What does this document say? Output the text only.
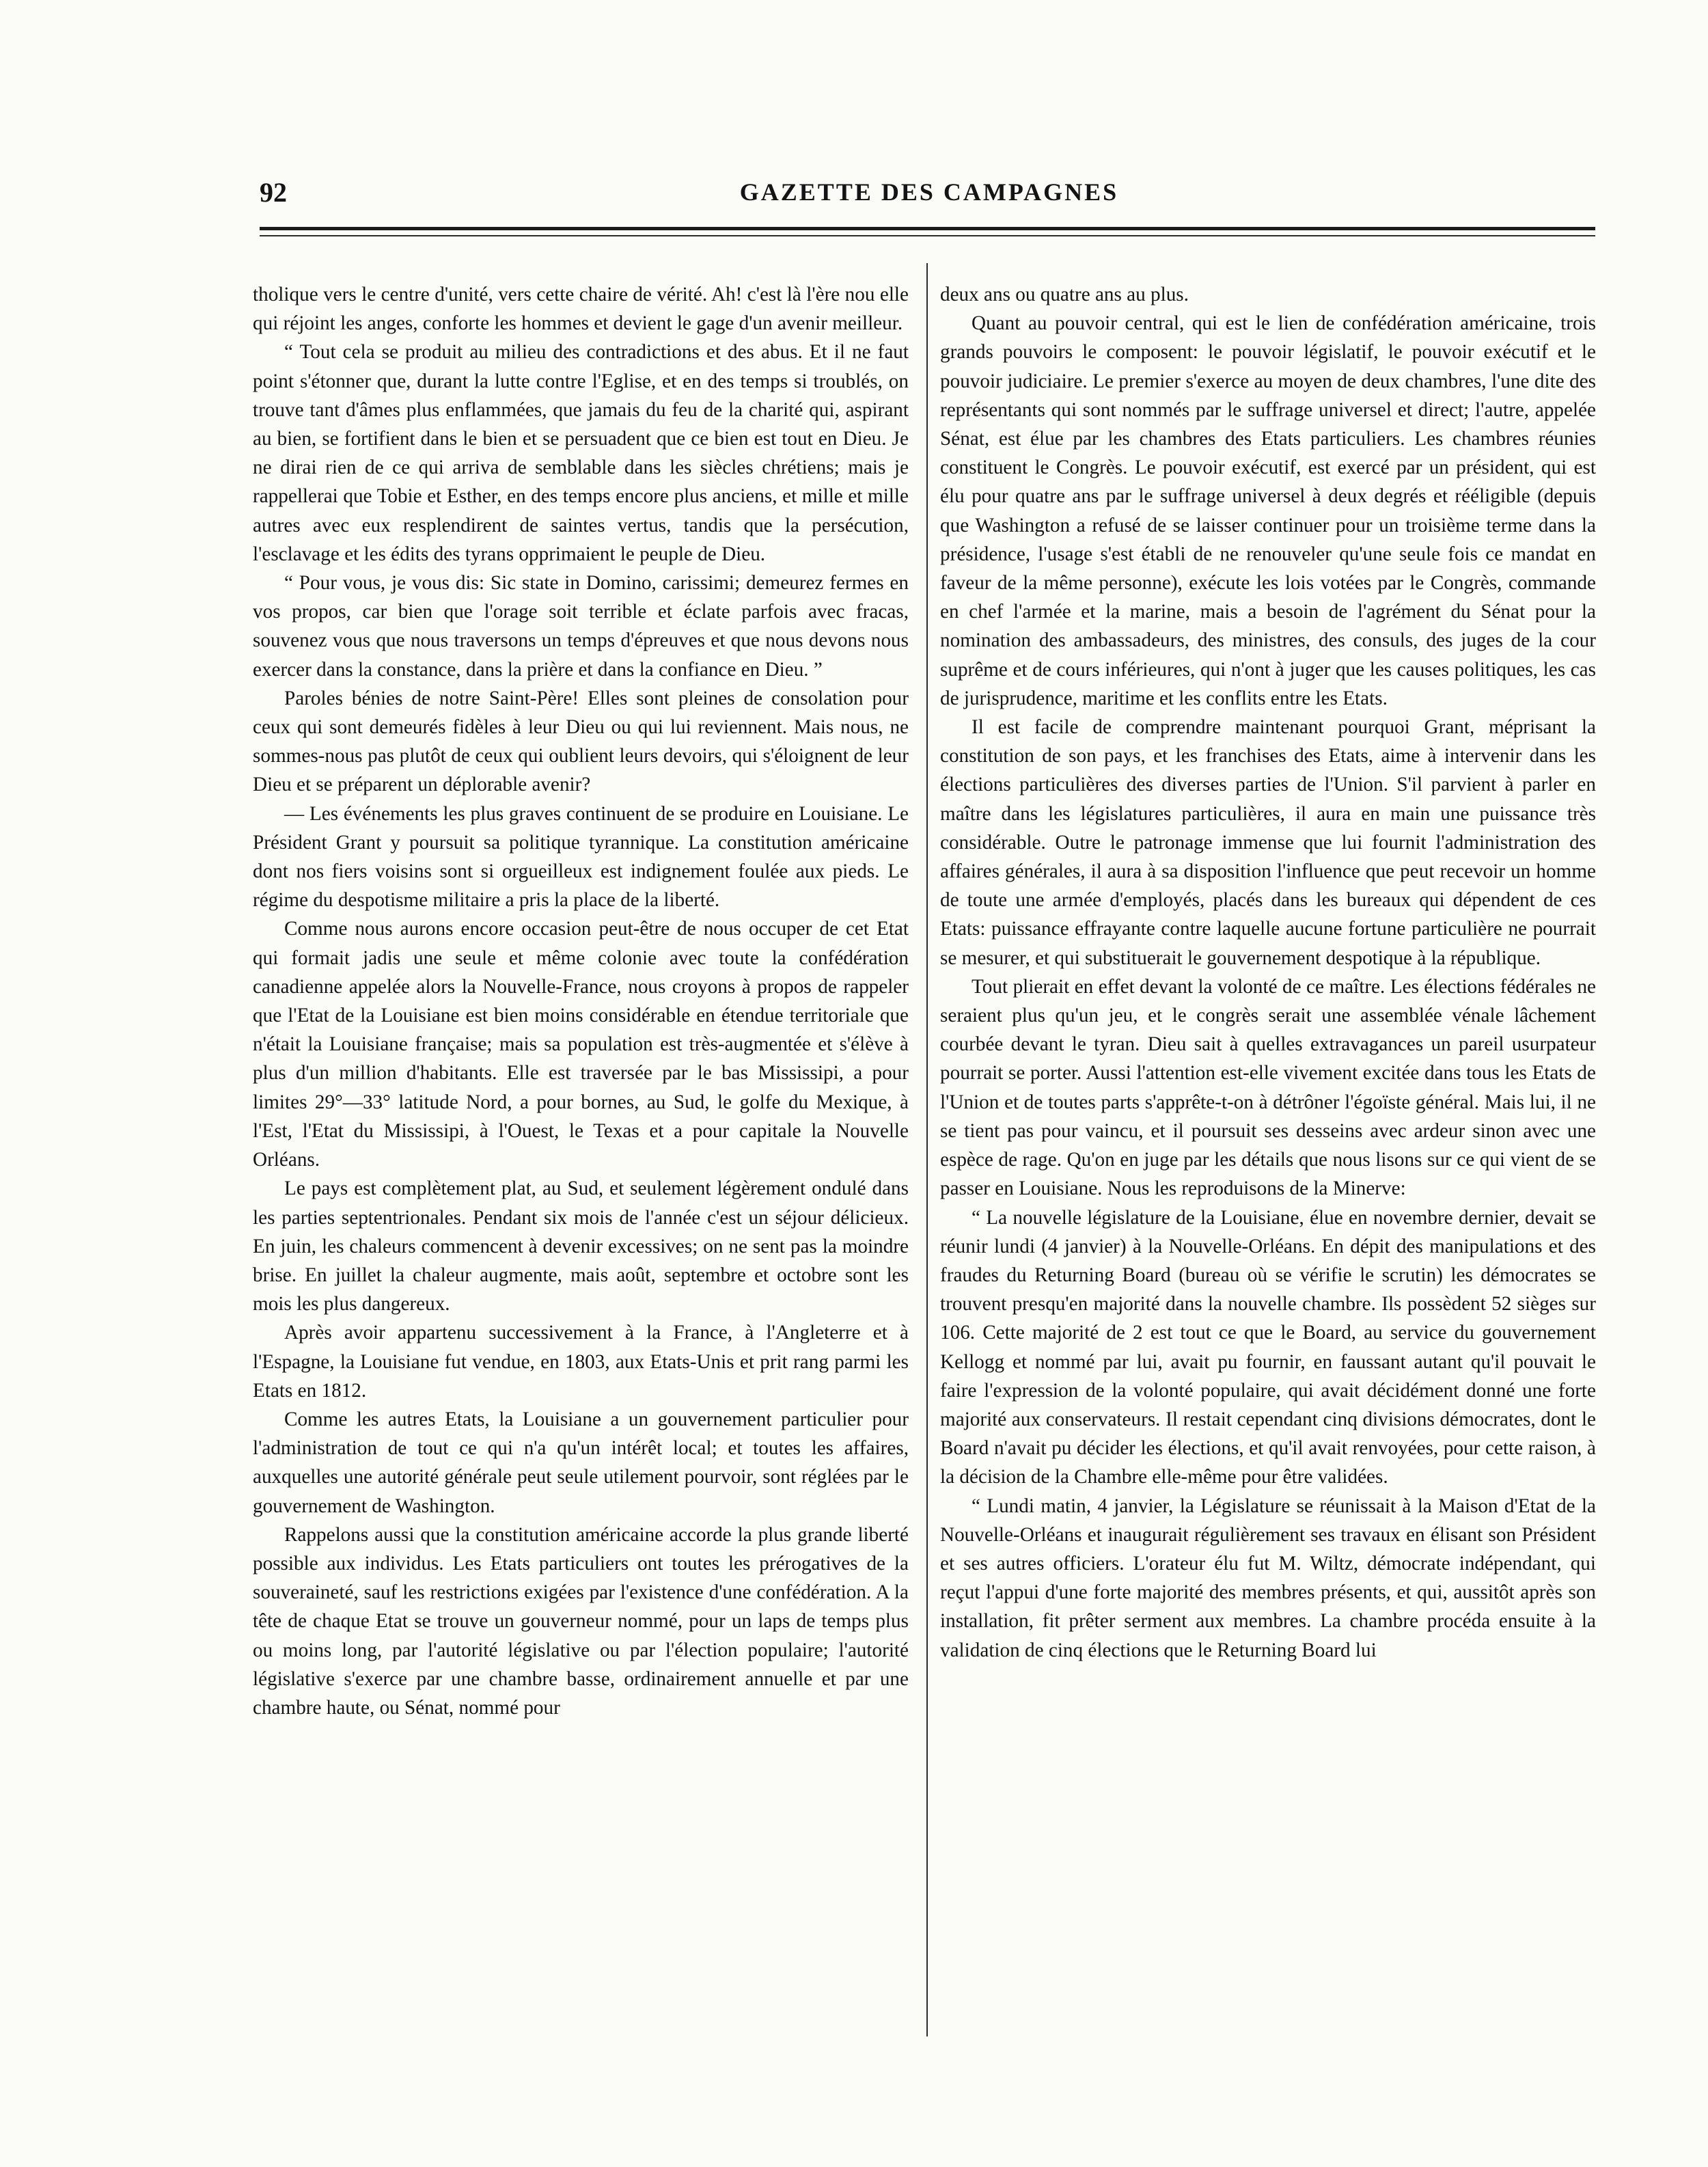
92	GAZETTE DES CAMPAGNES

tholique vers le centre d'unité, vers cette chaire de vérité. Ah! c'est là l'ère nou elle qui réjoint les anges, conforte les hommes et devient le gage d'un avenir meilleur.

“ Tout cela se produit au milieu des contradictions et des abus. Et il ne faut point s'étonner que, durant la lutte contre l'Eglise, et en des temps si troublés, on trouve tant d'âmes plus enflammées, que jamais du feu de la charité qui, aspirant au bien, se fortifient dans le bien et se persuadent que ce bien est tout en Dieu. Je ne dirai rien de ce qui arriva de semblable dans les siècles chrétiens; mais je rappellerai que Tobie et Esther, en des temps encore plus anciens, et mille et mille autres avec eux resplendirent de saintes vertus, tandis que la persécution, l'esclavage et les édits des tyrans opprimaient le peuple de Dieu.

“ Pour vous, je vous dis: Sic state in Domino, carissimi; demeurez fermes en vos propos, car bien que l'orage soit terrible et éclate parfois avec fracas, souvenez vous que nous traversons un temps d'épreuves et que nous devons nous exercer dans la constance, dans la prière et dans la confiance en Dieu. ”

Paroles bénies de notre Saint-Père! Elles sont pleines de consolation pour ceux qui sont demeurés fidèles à leur Dieu ou qui lui reviennent. Mais nous, ne sommes-nous pas plutôt de ceux qui oublient leurs devoirs, qui s'éloignent de leur Dieu et se préparent un déplorable avenir?

— Les événements les plus graves continuent de se produire en Louisiane. Le Président Grant y poursuit sa politique tyrannique. La constitution américaine dont nos fiers voisins sont si orgueilleux est indignement foulée aux pieds. Le régime du despotisme militaire a pris la place de la liberté.

Comme nous aurons encore occasion peut-être de nous occuper de cet Etat qui formait jadis une seule et même colonie avec toute la confédération canadienne appelée alors la Nouvelle-France, nous croyons à propos de rappeler que l'Etat de la Louisiane est bien moins considérable en étendue territoriale que n'était la Louisiane française; mais sa population est très-augmentée et s'élève à plus d'un million d'habitants. Elle est traversée par le bas Mississipi, a pour limites 29°—33° latitude Nord, a pour bornes, au Sud, le golfe du Mexique, à l'Est, l'Etat du Mississipi, à l'Ouest, le Texas et a pour capitale la Nouvelle Orléans.

Le pays est complètement plat, au Sud, et seulement légèrement ondulé dans les parties septentrionales. Pendant six mois de l'année c'est un séjour délicieux. En juin, les chaleurs commencent à devenir excessives; on ne sent pas la moindre brise. En juillet la chaleur augmente, mais août, septembre et octobre sont les mois les plus dangereux.

Après avoir appartenu successivement à la France, à l'Angleterre et à l'Espagne, la Louisiane fut vendue, en 1803, aux Etats-Unis et prit rang parmi les Etats en 1812.

Comme les autres Etats, la Louisiane a un gouvernement particulier pour l'administration de tout ce qui n'a qu'un intérêt local; et toutes les affaires, auxquelles une autorité générale peut seule utilement pourvoir, sont réglées par le gouvernement de Washington.

Rappelons aussi que la constitution américaine accorde la plus grande liberté possible aux individus. Les Etats particuliers ont toutes les prérogatives de la souveraineté, sauf les restrictions exigées par l'existence d'une confédération. A la tête de chaque Etat se trouve un gouverneur nommé, pour un laps de temps plus ou moins long, par l'autorité législative ou par l'élection populaire; l'autorité législative s'exerce par une chambre basse, ordinairement annuelle et par une chambre haute, ou Sénat, nommé pour

deux ans ou quatre ans au plus.

Quant au pouvoir central, qui est le lien de confédération américaine, trois grands pouvoirs le composent: le pouvoir législatif, le pouvoir exécutif et le pouvoir judiciaire. Le premier s'exerce au moyen de deux chambres, l'une dite des représentants qui sont nommés par le suffrage universel et direct; l'autre, appelée Sénat, est élue par les chambres des Etats particuliers. Les chambres réunies constituent le Congrès. Le pouvoir exécutif, est exercé par un président, qui est élu pour quatre ans par le suffrage universel à deux degrés et rééligible (depuis que Washington a refusé de se laisser continuer pour un troisième terme dans la présidence, l'usage s'est établi de ne renouveler qu'une seule fois ce mandat en faveur de la même personne), exécute les lois votées par le Congrès, commande en chef l'armée et la marine, mais a besoin de l'agrément du Sénat pour la nomination des ambassadeurs, des ministres, des consuls, des juges de la cour suprême et de cours inférieures, qui n'ont à juger que les causes politiques, les cas de jurisprudence, maritime et les conflits entre les Etats.

Il est facile de comprendre maintenant pourquoi Grant, méprisant la constitution de son pays, et les franchises des Etats, aime à intervenir dans les élections particulières des diverses parties de l'Union. S'il parvient à parler en maître dans les législatures particulières, il aura en main une puissance très considérable. Outre le patronage immense que lui fournit l'administration des affaires générales, il aura à sa disposition l'influence que peut recevoir un homme de toute une armée d'employés, placés dans les bureaux qui dépendent de ces Etats: puissance effrayante contre laquelle aucune fortune particulière ne pourrait se mesurer, et qui substituerait le gouvernement despotique à la république.

Tout plierait en effet devant la volonté de ce maître. Les élections fédérales ne seraient plus qu'un jeu, et le congrès serait une assemblée vénale lâchement courbée devant le tyran. Dieu sait à quelles extravagances un pareil usurpateur pourrait se porter. Aussi l'attention est-elle vivement excitée dans tous les Etats de l'Union et de toutes parts s'apprête-t-on à détrôner l'égoïste général. Mais lui, il ne se tient pas pour vaincu, et il poursuit ses desseins avec ardeur sinon avec une espèce de rage. Qu'on en juge par les détails que nous lisons sur ce qui vient de se passer en Louisiane. Nous les reproduisons de la Minerve:

“ La nouvelle législature de la Louisiane, élue en novembre dernier, devait se réunir lundi (4 janvier) à la Nouvelle-Orléans. En dépit des manipulations et des fraudes du Returning Board (bureau où se vérifie le scrutin) les démocrates se trouvent presqu'en majorité dans la nouvelle chambre. Ils possèdent 52 sièges sur 106. Cette majorité de 2 est tout ce que le Board, au service du gouvernement Kellogg et nommé par lui, avait pu fournir, en faussant autant qu'il pouvait le faire l'expression de la volonté populaire, qui avait décidément donné une forte majorité aux conservateurs. Il restait cependant cinq divisions démocrates, dont le Board n'avait pu décider les élections, et qu'il avait renvoyées, pour cette raison, à la décision de la Chambre elle-même pour être validées.

“ Lundi matin, 4 janvier, la Législature se réunissait à la Maison d'Etat de la Nouvelle-Orléans et inaugurait régulièrement ses travaux en élisant son Président et ses autres officiers. L'orateur élu fut M. Wiltz, démocrate indépendant, qui reçut l'appui d'une forte majorité des membres présents, et qui, aussitôt après son installation, fit prêter serment aux membres. La chambre procéda ensuite à la validation de cinq élections que le Returning Board lui
